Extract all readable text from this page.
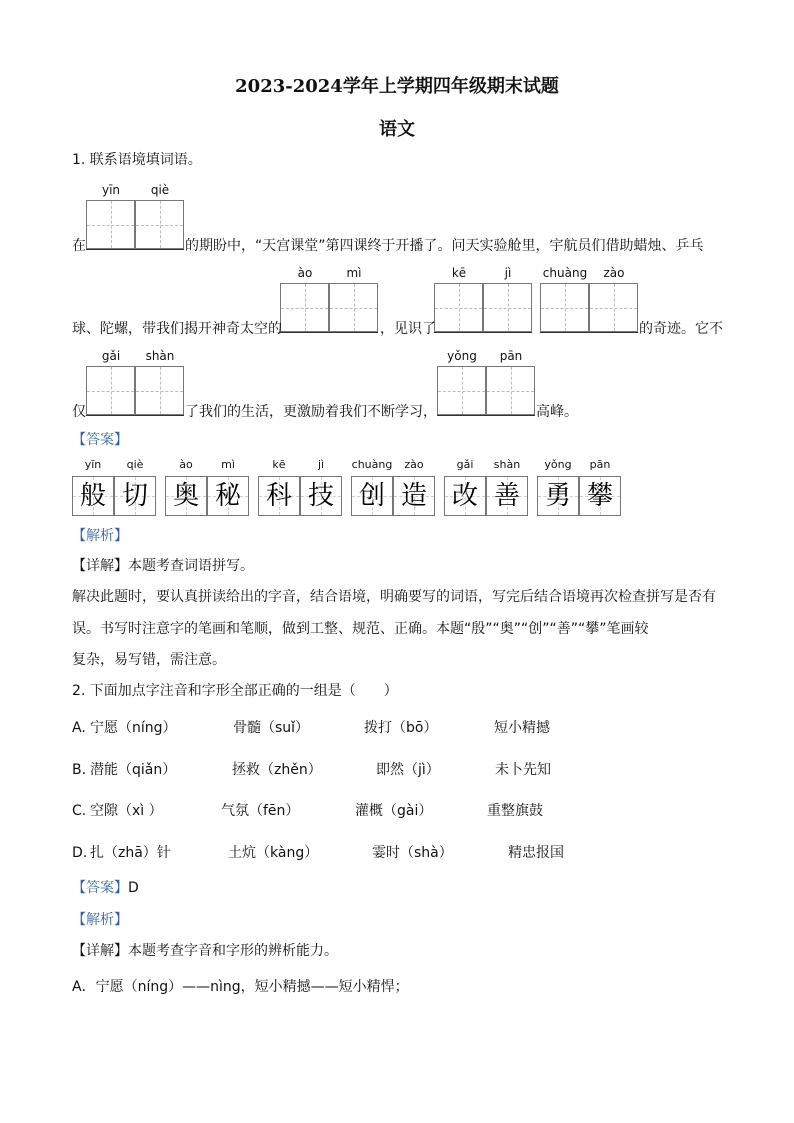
2023-2024学年上学期四年级期末试题
语文
1. 联系语境填词语。
yīn	qiè
在	的期盼中，“天宫课堂”第四课终于开播了。问天实验舱里，宇航员们借助蜡烛、乒乓
ào	mì	kē	jì	chuàng	zào
球、陀螺，带我们揭开神奇太空的	，见识了	的奇迹。它不
gǎi	shàn	yǒng	pān
仅	了我们的生活，更激励着我们不断学习，	高峰。
【答案】
yīn	qiè
般 切
ào	mì
奥 秘
kē	jì
科 技
chuàng	zào
创 造
gǎi	shàn
改 善
yǒng	pān
勇 攀
【解析】
【详解】本题考查词语拼写。
解决此题时，要认真拼读给出的字音，结合语境，明确要写的词语，写完后结合语境再次检查拼写是否有
误。书写时注意字的笔画和笔顺，做到工整、规范、正确。本题“殷”“奥”“创”“善”“攀”笔画较
复杂，易写错，需注意。
2. 下面加点字注音和字形全部正确的一组是（　　）
A. 宁愿（níng）	骨髓（suǐ）	拨打（bō）	短小精撼
B. 潜能（qiǎn）	拯救（zhěn）	即然（jì）	未卜先知
C. 空隙（xì ）	气氛（fēn）	灌概（gài）	重整旗鼓
D. 扎（zhā）针	土炕（kàng）	霎时（shà）	精忠报国
【答案】D
【解析】
【详解】本题考查字音和字形的辨析能力。
A．宁愿（níng）——nìng，短小精撼——短小精悍；
